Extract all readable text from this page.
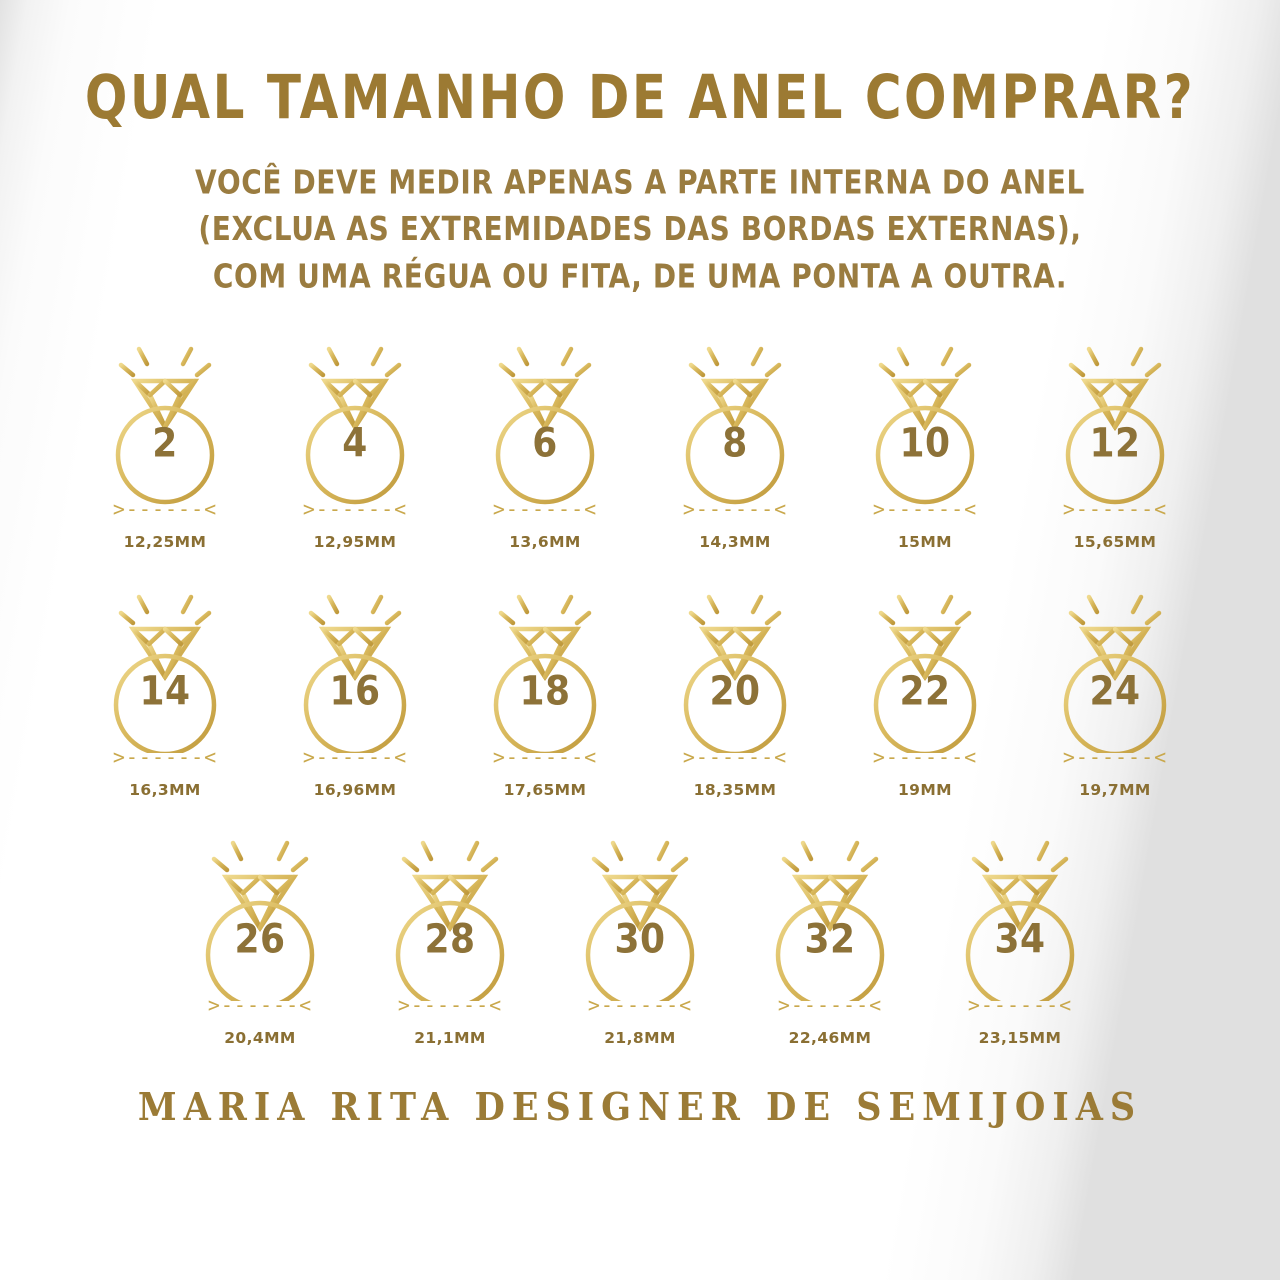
QUAL TAMANHO DE ANEL COMPRAR?
VOCÊ DEVE MEDIR APENAS A PARTE INTERNA DO ANEL
(EXCLUA AS EXTREMIDADES DAS BORDAS EXTERNAS),
COM UMA RÉGUA OU FITA, DE UMA PONTA A OUTRA.
2
>------<
12,25MM
4
>------<
12,95MM
6
>------<
13,6MM
8
>------<
14,3MM
10
>------<
15MM
12
>------<
15,65MM
14
>------<
16,3MM
16
>------<
16,96MM
18
>------<
17,65MM
20
>------<
18,35MM
22
>------<
19MM
24
>------<
19,7MM
26
>------<
20,4MM
28
>------<
21,1MM
30
>------<
21,8MM
32
>------<
22,46MM
34
>------<
23,15MM
MARIA RITA DESIGNER DE SEMIJOIAS
